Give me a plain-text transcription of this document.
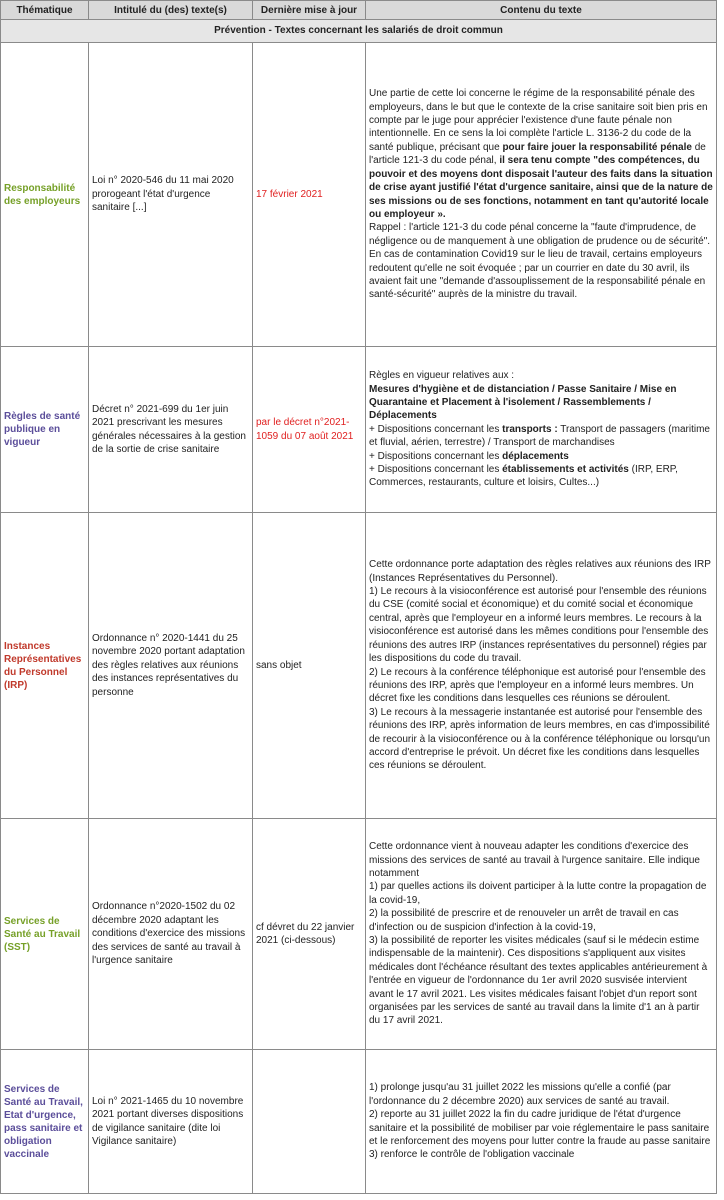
Thématique	Intitulé du (des) texte(s)	Dernière mise à jour	Contenu du texte
Prévention - Textes concernant les salariés de droit commun			
Responsabilité des employeurs	Loi n° 2020-546 du 11 mai 2020 prorogeant l'état d'urgence sanitaire [...]	17 février 2021	Une partie de cette loi concerne le régime de la responsabilité pénale des employeurs, dans le but que le contexte de la crise sanitaire soit bien pris en compte par le juge pour apprécier l'existence d'une faute pénale non intentionnelle. En ce sens la loi complète l'article L. 3136-2 du code de la santé publique, précisant que pour faire jouer la responsabilité pénale de l'article 121-3 du code pénal, il sera tenu compte "des compétences, du pouvoir et des moyens dont disposait l'auteur des faits dans la situation de crise ayant justifié l'état d'urgence sanitaire, ainsi que de la nature de ses missions ou de ses fonctions, notamment en tant qu'autorité locale ou employeur ».

Rappel : l'article 121-3 du code pénal concerne la "faute d'imprudence, de négligence ou de manquement à une obligation de prudence ou de sécurité". En cas de contamination Covid19 sur le lieu de travail, certains employeurs redoutent qu'elle ne soit évoquée ; par un courrier en date du 30 avril, ils avaient fait une "demande d'assouplissement de la responsabilité pénale en santé-sécurité" auprès de la ministre du travail.

Règles de santé publique en vigueur	Décret n° 2021-699 du 1er juin 2021 prescrivant les mesures générales nécessaires à la gestion de la sortie de crise sanitaire	par le décret n°2021-1059 du 07 août 2021	Règles en vigueur relatives aux :

Mesures d'hygiène et de distanciation / Passe Sanitaire / Mise en Quarantaine et Placement à l'isolement / Rassemblements / Déplacements

+ Dispositions concernant les transports : Transport de passagers (maritime et fluvial, aérien, terrestre) / Transport de marchandises

+ Dispositions concernant les déplacements

+ Dispositions concernant les établissements et activités (IRP, ERP, Commerces, restaurants, culture et loisirs, Cultes...)

Instances Représentatives du Personnel (IRP)	Ordonnance n° 2020-1441 du 25 novembre 2020 portant adaptation des règles relatives aux réunions des instances représentatives du personne	sans objet	Cette ordonnance porte adaptation des règles relatives aux réunions des IRP (Instances Représentatives du Personnel).

1) Le recours à la visioconférence est autorisé pour l'ensemble des réunions du CSE (comité social et économique) et du comité social et économique central, après que l'employeur en a informé leurs membres. Le recours à la visioconférence est autorisé dans les mêmes conditions pour l'ensemble des réunions des autres IRP (instances représentatives du personnel) régies par les dispositions du code du travail.

2) Le recours à la conférence téléphonique est autorisé pour l'ensemble des réunions des IRP, après que l'employeur en a informé leurs membres. Un décret fixe les conditions dans lesquelles ces réunions se déroulent.

3) Le recours à la messagerie instantanée est autorisé pour l'ensemble des réunions des IRP, après information de leurs membres, en cas d'impossibilité de recourir à la visioconférence ou à la conférence téléphonique ou lorsqu'un accord d'entreprise le prévoit. Un décret fixe les conditions dans lesquelles ces réunions se déroulent.

Services de Santé au Travail (SST)	Ordonnance n°2020-1502 du 02 décembre 2020 adaptant les conditions d'exercice des missions des services de santé au travail à l'urgence sanitaire	cf dévret du 22 janvier 2021 (ci-dessous)	Cette ordonnance vient à nouveau adapter les conditions d'exercice des missions des services de santé au travail à l'urgence sanitaire. Elle indique notamment

1) par quelles actions ils doivent participer à la lutte contre la propagation de la covid-19,

2) la possibilité de prescrire et de renouveler un arrêt de travail en cas d'infection ou de suspicion d'infection à la covid-19,

3) la possibilité de reporter les visites médicales (sauf si le médecin estime indispensable de la maintenir). Ces dispositions s'appliquent aux visites médicales dont l'échéance résultant des textes applicables antérieurement à l'entrée en vigueur de l'ordonnance du 1er avril 2020 susvisée intervient avant le 17 avril 2021. Les visites médicales faisant l'objet d'un report sont organisées par les services de santé au travail dans la limite d'1 an à partir du 17 avril 2021.

Services de Santé au Travail, Etat d'urgence, pass sanitaire et obligation vaccinale	Loi n° 2021-1465 du 10 novembre 2021 portant diverses dispositions de vigilance sanitaire (dite loi Vigilance sanitaire)		1) prolonge jusqu'au 31 juillet 2022 les missions qu'elle a confié (par l'ordonnance du 2 décembre 2020) aux services de santé au travail.

2) reporte au 31 juillet 2022 la fin du cadre juridique de l'état d'urgence sanitaire et la possibilité de mobiliser par voie réglementaire le pass sanitaire et le renforcement des moyens pour lutter contre la fraude au passe sanitaire

3) renforce le contrôle de l'obligation vaccinale
